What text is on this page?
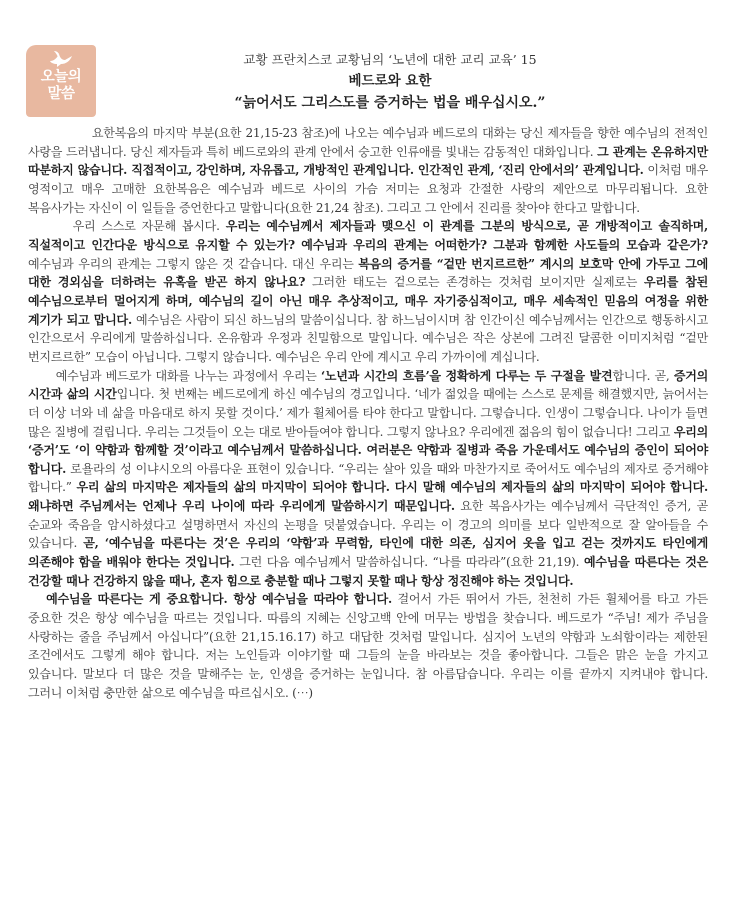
오늘의
말씀
교황 프란치스코 교황님의 ‘노년에 대한 교리 교육’ 15
베드로와 요한
“늙어서도 그리스도를 증거하는 법을 배우십시오.”

요한복음의 마지막 부분(요한 21,15-23 참조)에 나오는 예수님과 베드로의 대화는 당신 제자들을 향한 예수님의 전적인 사랑을 드러냅니다. 당신 제자들과 특히 베드로와의 관계 안에서 숭고한 인류애를 빛내는 감동적인 대화입니다. 그 관계는 온유하지만 따분하지 않습니다. 직접적이고, 강인하며, 자유롭고, 개방적인 관계입니다. 인간적인 관계, ‘진리 안에서의’ 관계입니다. 이처럼 매우 영적이고 매우 고매한 요한복음은 예수님과 베드로 사이의 가슴 저미는 요청과 간절한 사랑의 제안으로 마무리됩니다. 요한 복음사가는 자신이 이 일들을 증언한다고 말합니다(요한 21,24 참조). 그리고 그 안에서 진리를 찾아야 한다고 말합니다.

우리 스스로 자문해 봅시다. 우리는 예수님께서 제자들과 맺으신 이 관계를 그분의 방식으로, 곧 개방적이고 솔직하며, 직설적이고 인간다운 방식으로 유지할 수 있는가? 예수님과 우리의 관계는 어떠한가? 그분과 함께한 사도들의 모습과 같은가? 예수님과 우리의 관계는 그렇지 않은 것 같습니다. 대신 우리는 복음의 증거를 “겉만 번지르르한” 계시의 보호막 안에 가두고 그에 대한 경외심을 더하려는 유혹을 받곤 하지 않나요? 그러한 태도는 겉으로는 존경하는 것처럼 보이지만 실제로는 우리를 참된 예수님으로부터 멀어지게 하며, 예수님의 길이 아닌 매우 추상적이고, 매우 자기중심적이고, 매우 세속적인 믿음의 여정을 위한 계기가 되고 맙니다. 예수님은 사람이 되신 하느님의 말씀이십니다. 참 하느님이시며 참 인간이신 예수님께서는 인간으로 행동하시고 인간으로서 우리에게 말씀하십니다. 온유함과 우정과 친밀함으로 말입니다. 예수님은 작은 상본에 그려진 달콤한 이미지처럼 “겉만 번지르르한” 모습이 아닙니다. 그렇지 않습니다. 예수님은 우리 안에 계시고 우리 가까이에 계십니다.

예수님과 베드로가 대화를 나누는 과정에서 우리는 ‘노년과 시간의 흐름’을 정확하게 다루는 두 구절을 발견합니다. 곧, 증거의 시간과 삶의 시간입니다. 첫 번째는 베드로에게 하신 예수님의 경고입니다. ‘네가 젊었을 때에는 스스로 문제를 해결했지만, 늙어서는 더 이상 너와 네 삶을 마음대로 하지 못할 것이다.’ 제가 휠체어를 타야 한다고 말합니다. 그렇습니다. 인생이 그렇습니다. 나이가 들면 많은 질병에 걸립니다. 우리는 그것들이 오는 대로 받아들여야 합니다. 그렇지 않나요? 우리에겐 젊음의 힘이 없습니다! 그리고 우리의 ‘증거’도 ‘이 약함과 함께할 것’이라고 예수님께서 말씀하십니다. 여러분은 약함과 질병과 죽음 가운데서도 예수님의 증인이 되어야 합니다. 로욜라의 성 이냐시오의 아름다운 표현이 있습니다. “우리는 살아 있을 때와 마찬가지로 죽어서도 예수님의 제자로 증거해야 합니다.” 우리 삶의 마지막은 제자들의 삶의 마지막이 되어야 합니다. 다시 말해 예수님의 제자들의 삶의 마지막이 되어야 합니다. 왜냐하면 주님께서는 언제나 우리 나이에 따라 우리에게 말씀하시기 때문입니다. 요한 복음사가는 예수님께서 극단적인 증거, 곧 순교와 죽음을 암시하셨다고 설명하면서 자신의 논평을 덧붙였습니다. 우리는 이 경고의 의미를 보다 일반적으로 잘 알아들을 수 있습니다. 곧, ‘예수님을 따른다는 것’은 우리의 ‘약함’과 무력함, 타인에 대한 의존, 심지어 옷을 입고 걷는 것까지도 타인에게 의존해야 함을 배워야 한다는 것입니다. 그런 다음 예수님께서 말씀하십니다. “나를 따라라”(요한 21,19). 예수님을 따른다는 것은 건강할 때나 건강하지 않을 때나, 혼자 힘으로 충분할 때나 그렇지 못할 때나 항상 정진해야 하는 것입니다.

예수님을 따른다는 게 중요합니다. 항상 예수님을 따라야 합니다. 걸어서 가든 뛰어서 가든, 천천히 가든 휠체어를 타고 가든 중요한 것은 항상 예수님을 따르는 것입니다. 따름의 지혜는 신앙고백 안에 머무는 방법을 찾습니다. 베드로가 “주님! 제가 주님을 사랑하는 줄을 주님께서 아십니다”(요한 21,15.16.17) 하고 대답한 것처럼 말입니다. 심지어 노년의 약함과 노쇠함이라는 제한된 조건에서도 그렇게 해야 합니다. 저는 노인들과 이야기할 때 그들의 눈을 바라보는 것을 좋아합니다. 그들은 맑은 눈을 가지고 있습니다. 말보다 더 많은 것을 말해주는 눈, 인생을 증거하는 눈입니다. 참 아름답습니다. 우리는 이를 끝까지 지켜내야 합니다. 그러니 이처럼 충만한 삶으로 예수님을 따르십시오. (⋯)
